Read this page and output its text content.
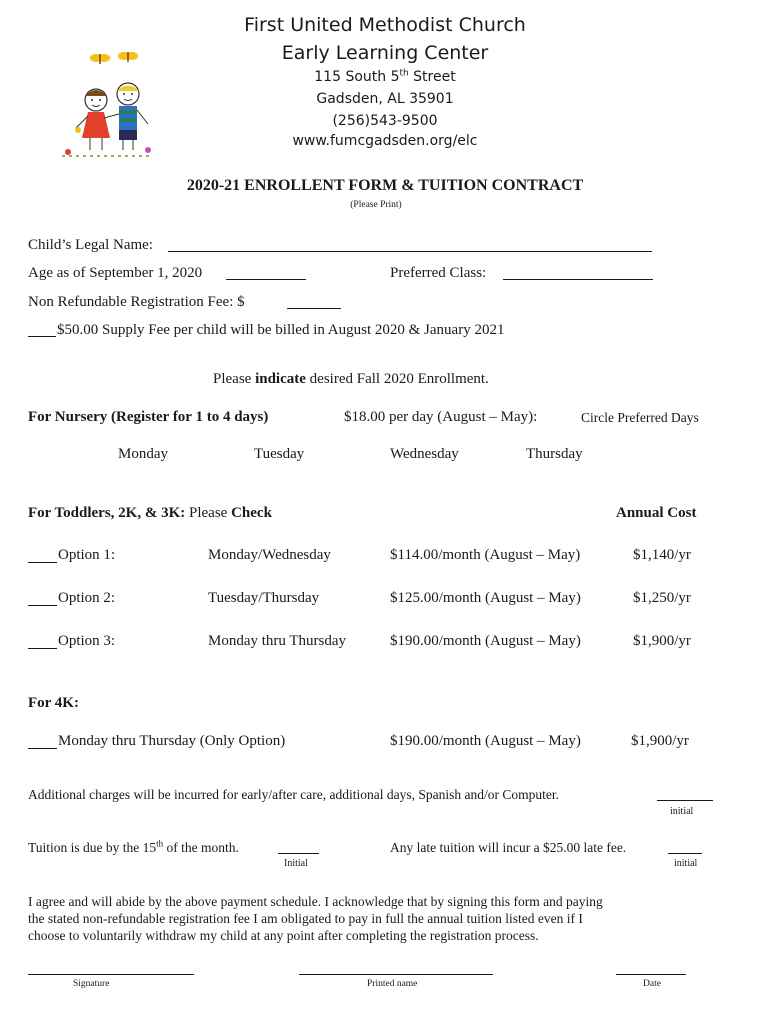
First United Methodist Church
Early Learning Center
115 South 5th Street
Gadsden, AL 35901
(256)543-9500
www.fumcgadsden.org/elc
2020-21 ENROLLENT FORM & TUITION CONTRACT
(Please Print)
Child’s Legal Name:
Age as of September 1, 2020	Preferred Class:
Non Refundable Registration Fee: $
$50.00 Supply Fee per child will be billed in August 2020 & January 2021
Please indicate desired Fall 2020 Enrollment.
For Nursery (Register for 1 to 4 days)	$18.00 per day (August – May):	Circle Preferred Days
Monday	Tuesday	Wednesday	Thursday
For Toddlers, 2K, & 3K: Please Check	Annual Cost
Option 1:	Monday/Wednesday	$114.00/month (August – May)	$1,140/yr
Option 2:	Tuesday/Thursday	$125.00/month (August – May)	$1,250/yr
Option 3:	Monday thru Thursday	$190.00/month (August – May)	$1,900/yr
For 4K:
Monday thru Thursday (Only Option)	$190.00/month (August – May)	$1,900/yr
Additional charges will be incurred for early/after care, additional days, Spanish and/or Computer.
initial
Tuition is due by the 15th of the month.
Initial
Any late tuition will incur a $25.00 late fee.
initial
I agree and will abide by the above payment schedule. I acknowledge that by signing this form and paying
the stated non-refundable registration fee I am obligated to pay in full the annual tuition listed even if I
choose to voluntarily withdraw my child at any point after completing the registration process.
Signature	Printed name	Date
